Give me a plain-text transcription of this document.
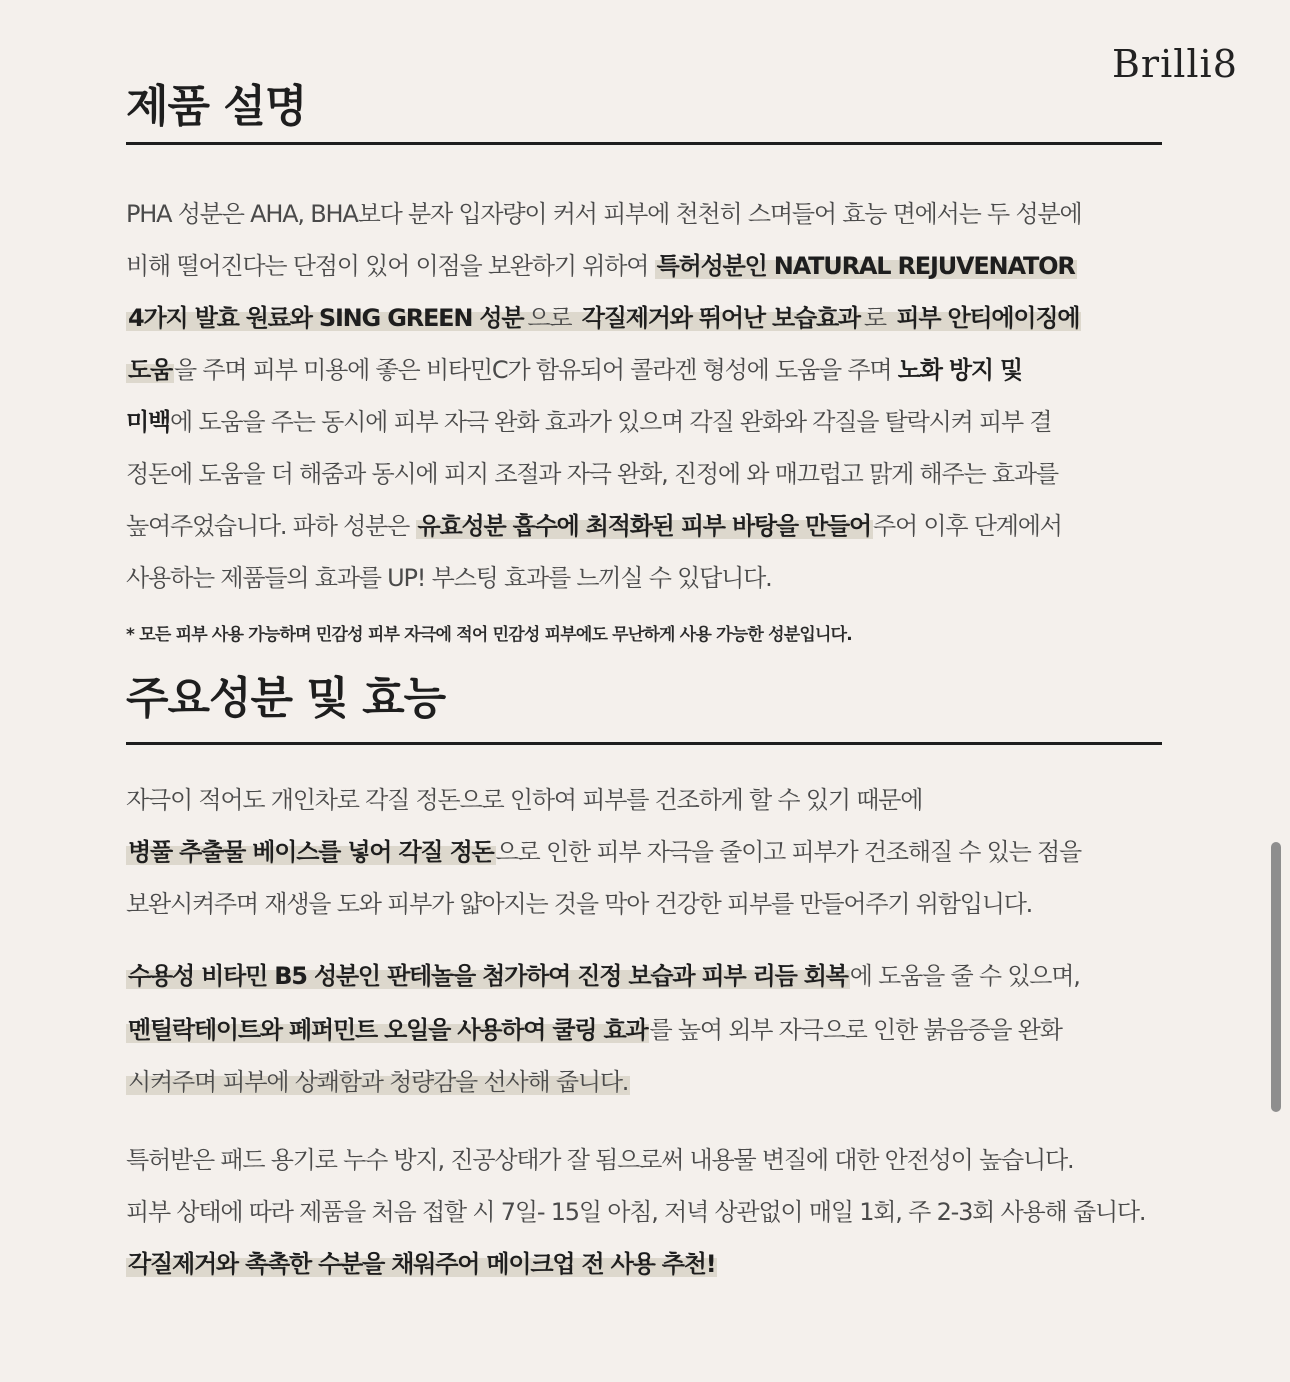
Brilli8
제품 설명
PHA 성분은 AHA, BHA보다 분자 입자량이 커서 피부에 천천히 스며들어 효능 면에서는 두 성분에
비해 떨어진다는 단점이 있어 이점을 보완하기 위하여 특허성분인 NATURAL REJUVENATOR
4가지 발효 원료와 SING GREEN 성분 으로 각질제거와 뛰어난 보습효과 로 피부 안티에이징에
도움을 주며 피부 미용에 좋은 비타민C가 함유되어 콜라겐 형성에 도움을 주며 노화 방지 및
미백에 도움을 주는 동시에 피부 자극 완화 효과가 있으며 각질 완화와 각질을 탈락시켜 피부 결
정돈에 도움을 더 해줌과 동시에 피지 조절과 자극 완화, 진정에 와 매끄럽고 맑게 해주는 효과를
높여주었습니다. 파하 성분은 유효성분 흡수에 최적화된 피부 바탕을 만들어주어 이후 단계에서
사용하는 제품들의 효과를 UP! 부스팅 효과를 느끼실 수 있답니다.
* 모든 피부 사용 가능하며 민감성 피부 자극에 적어 민감성 피부에도 무난하게 사용 가능한 성분입니다.
주요성분 및 효능
자극이 적어도 개인차로 각질 정돈으로 인하여 피부를 건조하게 할 수 있기 때문에
병풀 추출물 베이스를 넣어 각질 정돈으로 인한 피부 자극을 줄이고 피부가 건조해질 수 있는 점을
보완시켜주며 재생을 도와 피부가 얇아지는 것을 막아 건강한 피부를 만들어주기 위함입니다.
수용성 비타민 B5 성분인 판테놀을 첨가하여 진정 보습과 피부 리듬 회복에 도움을 줄 수 있으며,
멘틸락테이트와 페퍼민트 오일을 사용하여 쿨링 효과를 높여 외부 자극으로 인한 붉음증을 완화
시켜주며 피부에 상쾌함과 청량감을 선사해 줍니다.
특허받은 패드 용기로 누수 방지, 진공상태가 잘 됨으로써 내용물 변질에 대한 안전성이 높습니다.
피부 상태에 따라 제품을 처음 접할 시 7일- 15일 아침, 저녁 상관없이 매일 1회, 주 2-3회 사용해 줍니다.
각질제거와 촉촉한 수분을 채워주어 메이크업 전 사용 추천!
